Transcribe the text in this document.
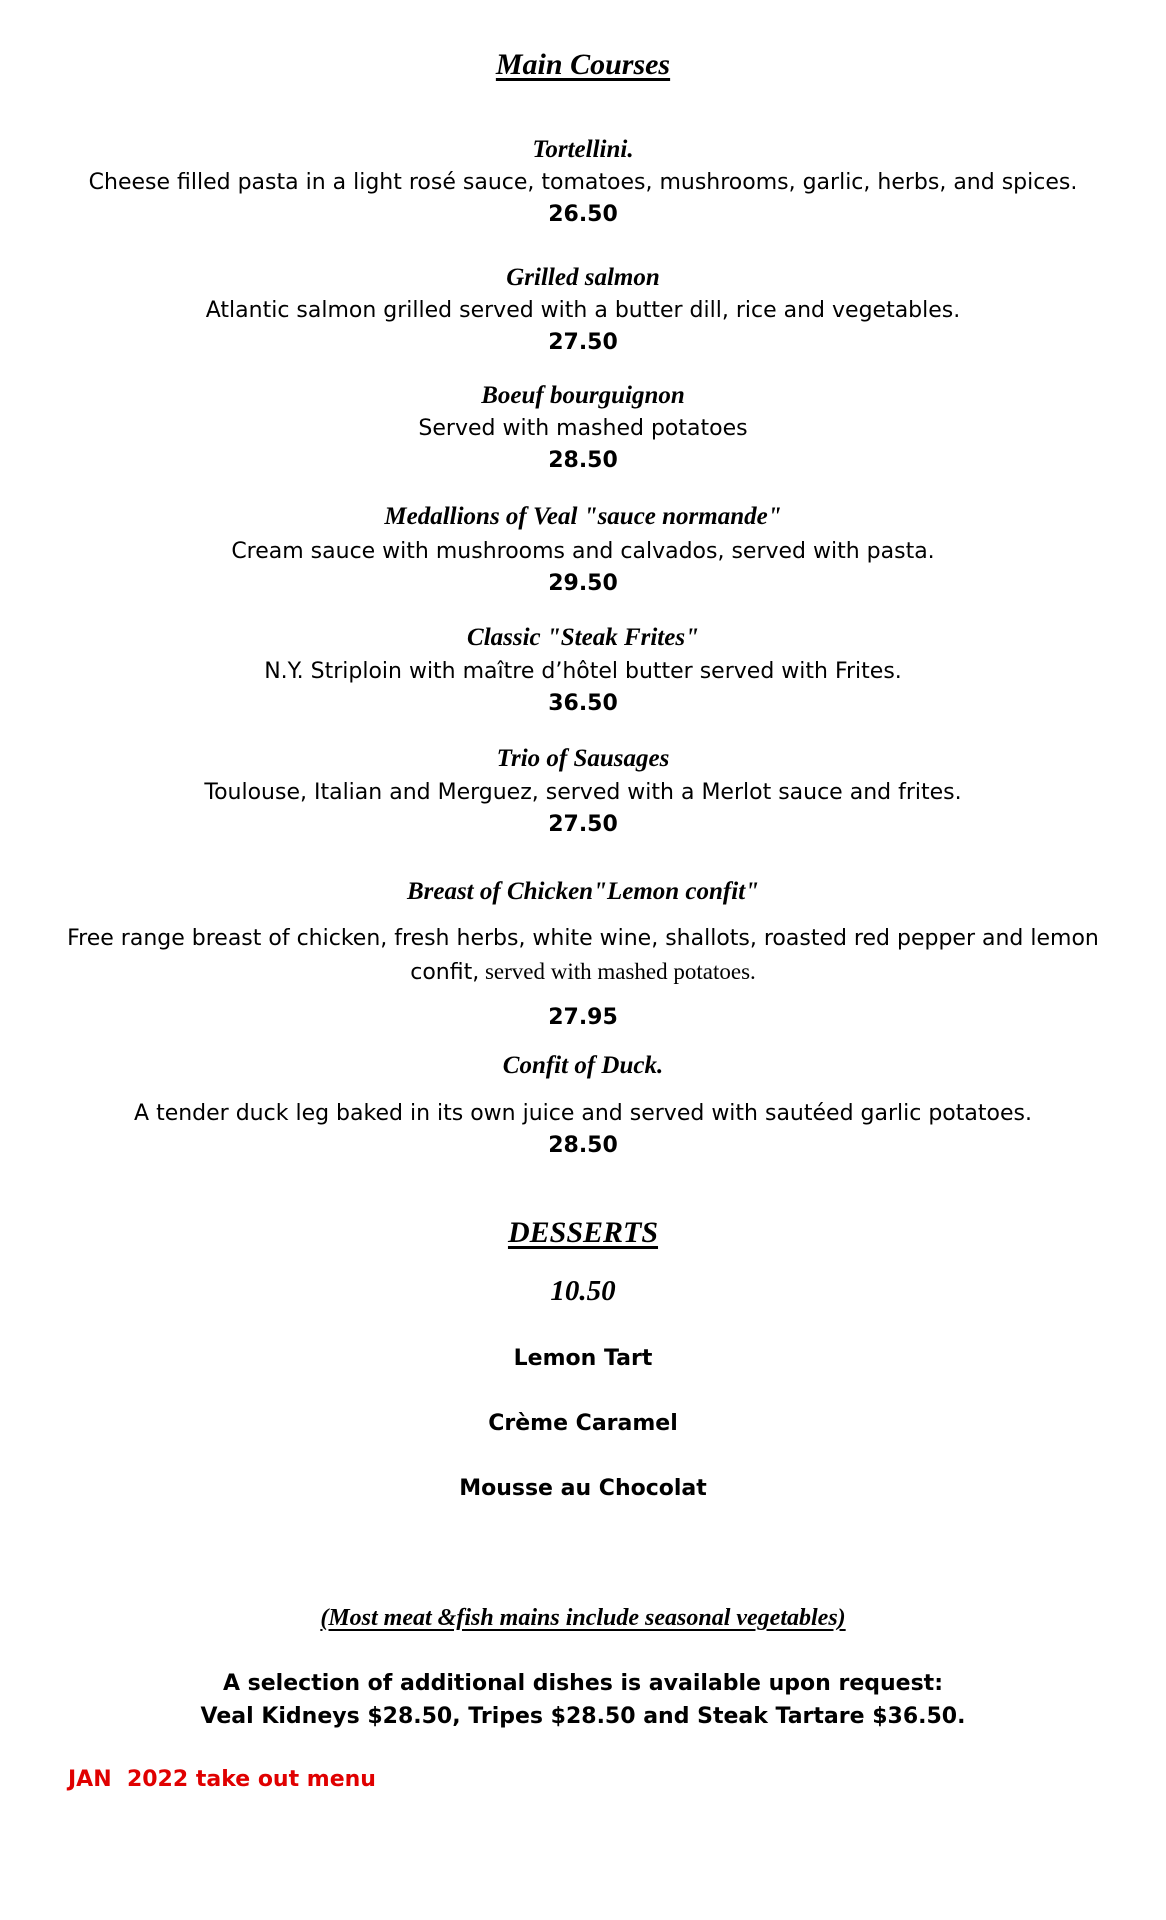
Main Courses
Tortellini.
Cheese filled pasta in a light rosé sauce, tomatoes, mushrooms, garlic, herbs, and spices.
26.50
Grilled salmon
Atlantic salmon grilled served with a butter dill, rice and vegetables.
27.50
Boeuf bourguignon
Served with mashed potatoes
28.50
Medallions of Veal "sauce normande"
Cream sauce with mushrooms and calvados, served with pasta.
29.50
Classic "Steak Frites"
N.Y. Striploin with maître d’hôtel butter served with Frites.
36.50
Trio of Sausages
Toulouse, Italian and Merguez, served with a Merlot sauce and frites.
27.50
Breast of Chicken"Lemon confit"
Free range breast of chicken, fresh herbs, white wine, shallots, roasted red pepper and lemon
confit, served with mashed potatoes.
27.95
Confit of Duck.
A tender duck leg baked in its own juice and served with sautéed garlic potatoes.
28.50
DESSERTS
10.50
Lemon Tart
Crème Caramel
Mousse au Chocolat
(Most meat &fish mains include seasonal vegetables)
A selection of additional dishes is available upon request:
Veal Kidneys $28.50, Tripes $28.50 and Steak Tartare $36.50.
JAN  2022 take out menu
